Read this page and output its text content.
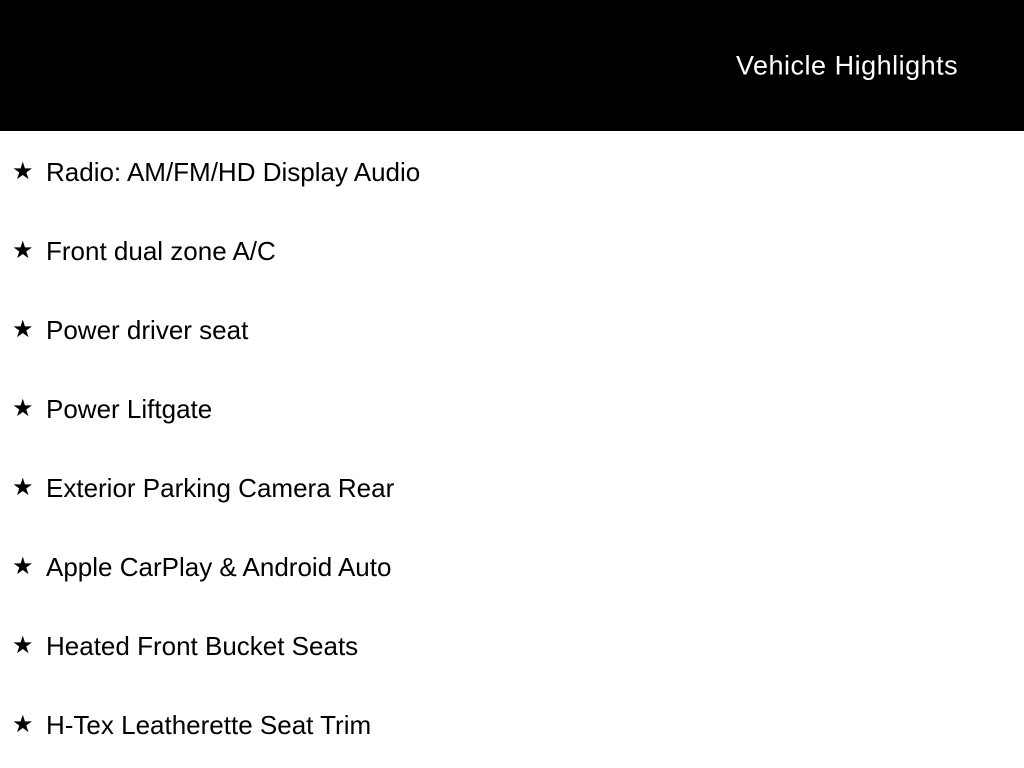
Vehicle Highlights
★ Radio: AM/FM/HD Display Audio
★ Front dual zone A/C
★ Power driver seat
★ Power Liftgate
★ Exterior Parking Camera Rear
★ Apple CarPlay & Android Auto
★ Heated Front Bucket Seats
★ H-Tex Leatherette Seat Trim
